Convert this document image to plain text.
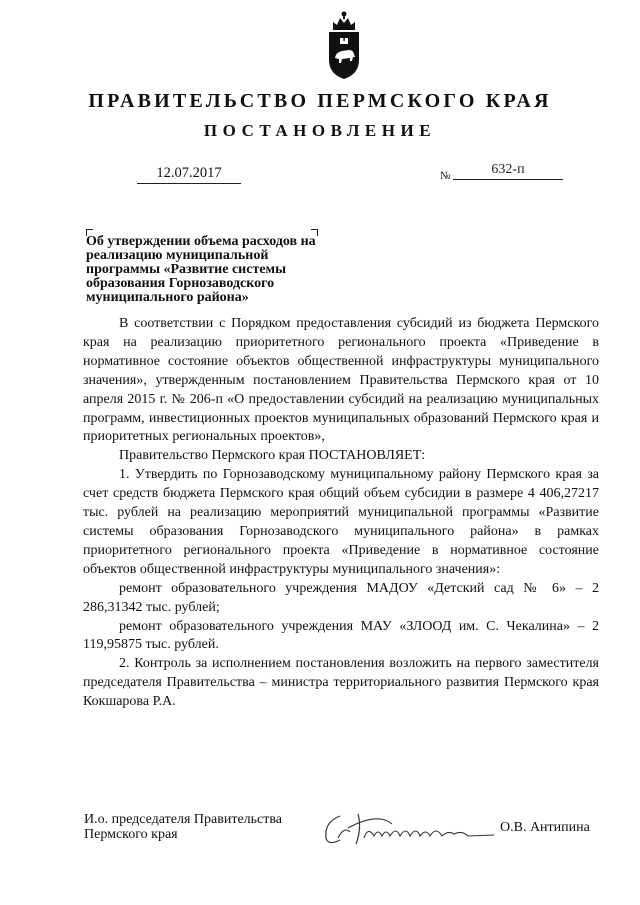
ПРАВИТЕЛЬСТВО ПЕРМСКОГО КРАЯ
ПОСТАНОВЛЕНИЕ
12.07.2017	№	632-п
Об утверждении объема расходов на реализацию муниципальной программы «Развитие системы образования Горнозаводского муниципального района»

В соответствии с Порядком предоставления субсидий из бюджета Пермского края на реализацию приоритетного регионального проекта «Приведение в нормативное состояние объектов общественной инфраструктуры муниципального значения», утвержденным постановлением Правительства Пермского края от 10 апреля 2015 г. № 206-п «О предоставлении субсидий на реализацию муниципальных программ, инвестиционных проектов муниципальных образований Пермского края и приоритетных региональных проектов»,

Правительство Пермского края ПОСТАНОВЛЯЕТ:

1. Утвердить по Горнозаводскому муниципальному району Пермского края за счет средств бюджета Пермского края общий объем субсидии в размере 4 406,27217 тыс. рублей на реализацию мероприятий муниципальной программы «Развитие системы образования Горнозаводского муниципального района» в рамках приоритетного регионального проекта «Приведение в нормативное состояние объектов общественной инфраструктуры муниципального значения»:

ремонт образовательного учреждения МАДОУ «Детский сад № 6» – 2 286,31342 тыс. рублей;

ремонт образовательного учреждения МАУ «ЗЛООД им. С. Чекалина» – 2 119,95875 тыс. рублей.

2. Контроль за исполнением постановления возложить на первого заместителя председателя Правительства – министра территориального развития Пермского края Кокшарова Р.А.

И.о. председателя Правительства
Пермского края	О.В. Антипина
